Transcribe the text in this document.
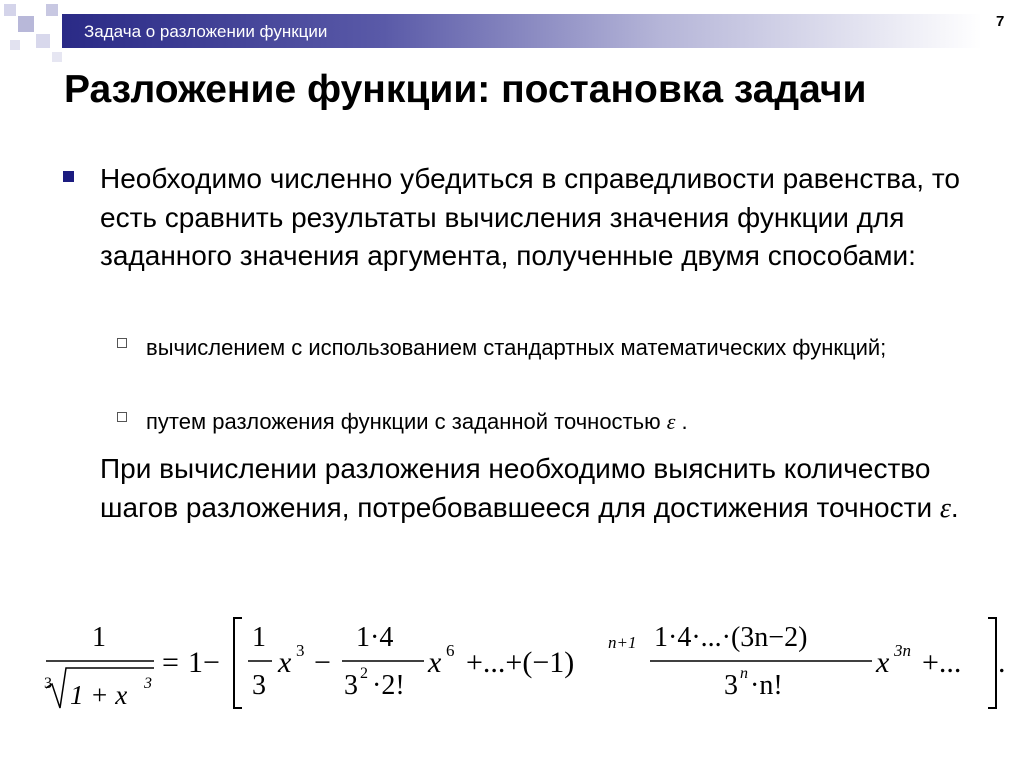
Задача о разложении функции
7
Разложение функции: постановка задачи
Необходимо численно убедиться в справедливости равенства, то есть сравнить результаты вычисления значения функции для заданного значения аргумента, полученные двумя способами:
вычислением с использованием стандартных математических функций;
путем разложения функции с заданной точностью ε .
При вычислении разложения необходимо выяснить количество шагов разложения, потребовавшееся для достижения точности ε.
1
3 1 + x 3
= 1−
1
3
x 3 −
1·4
3 2 ·2!
x 6 +...+(−1)
n+1 1·4·...·(3n−2)
3 n ·n!
x 3n +... .
